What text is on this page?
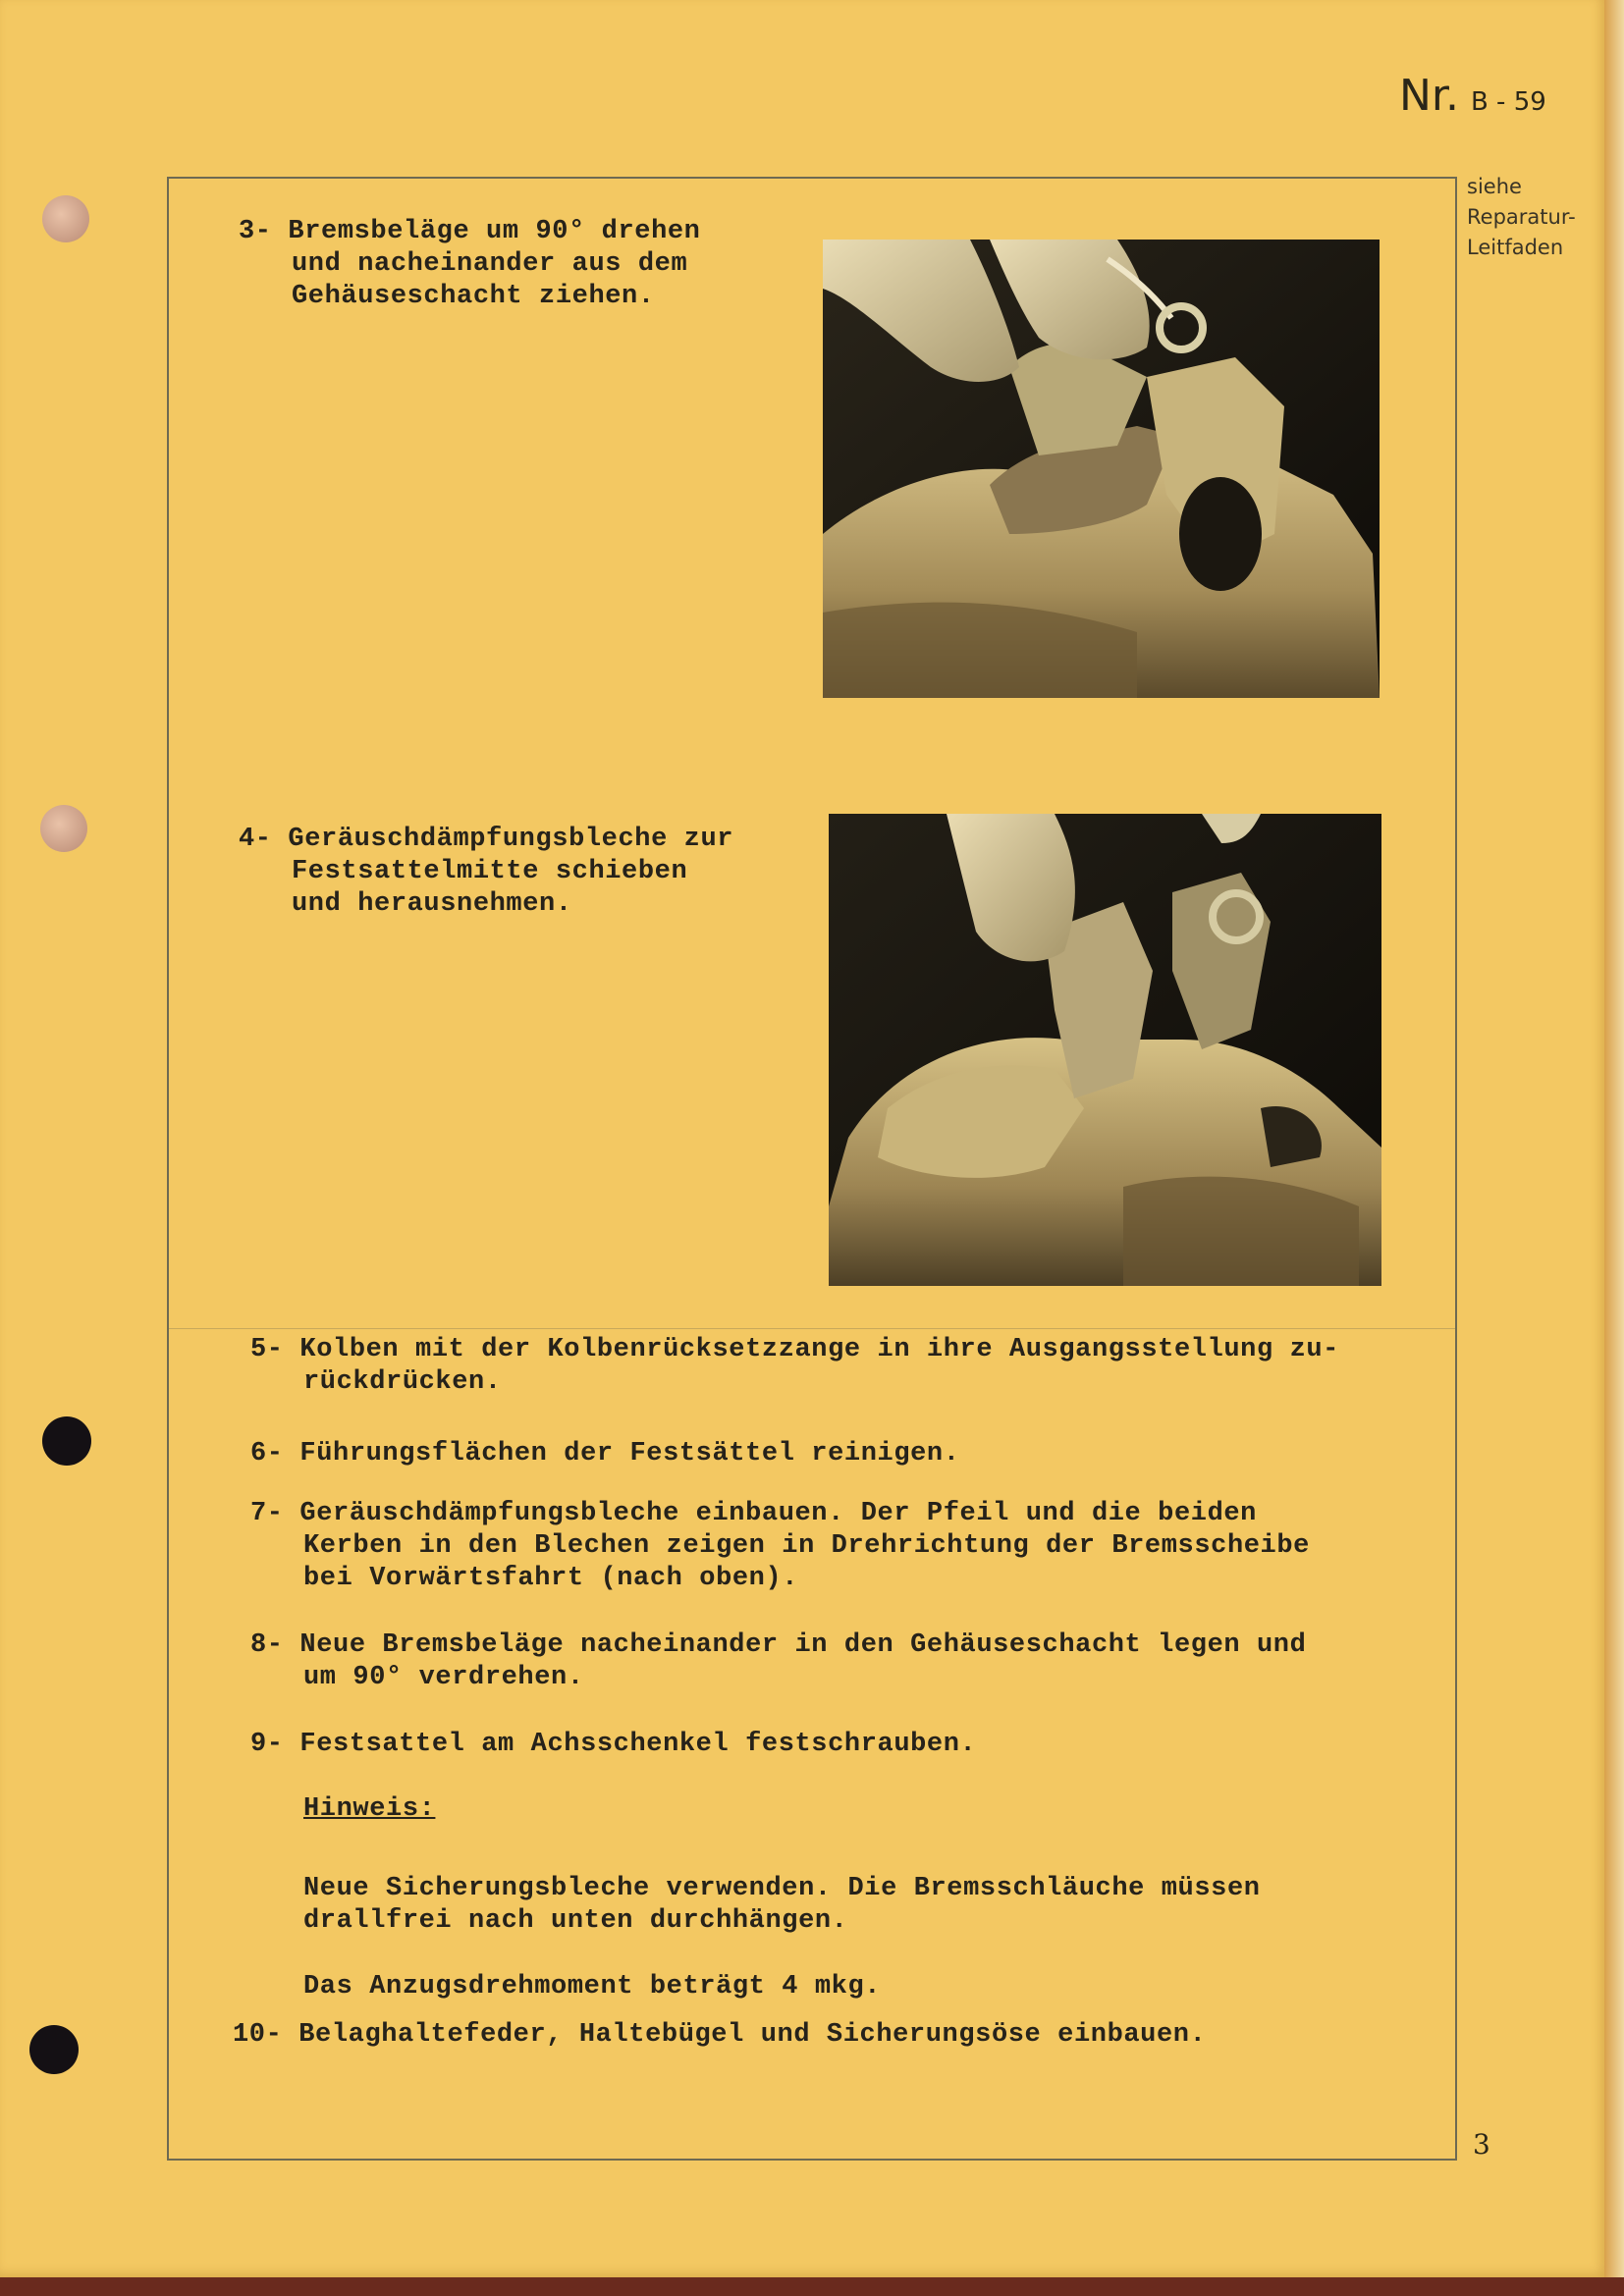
Nr. B - 59
siehe
Reparatur-
Leitfaden
3- Bremsbeläge um 90° drehen
und nacheinander aus dem
Gehäuseschacht ziehen.
4- Geräuschdämpfungsbleche zur
Festsattelmitte schieben
und herausnehmen.
5- Kolben mit der Kolbenrücksetzzange in ihre Ausgangsstellung zu-
rückdrücken.
6- Führungsflächen der Festsättel reinigen.
7- Geräuschdämpfungsbleche einbauen. Der Pfeil und die beiden
Kerben in den Blechen zeigen in Drehrichtung der Bremsscheibe
bei Vorwärtsfahrt (nach oben).
8- Neue Bremsbeläge nacheinander in den Gehäuseschacht legen und
um 90° verdrehen.
9- Festsattel am Achsschenkel festschrauben.
Hinweis:
Neue Sicherungsbleche verwenden. Die Bremsschläuche müssen
drallfrei nach unten durchhängen.
Das Anzugsdrehmoment beträgt 4 mkg.
10- Belaghaltefeder, Haltebügel und Sicherungsöse einbauen.
3
